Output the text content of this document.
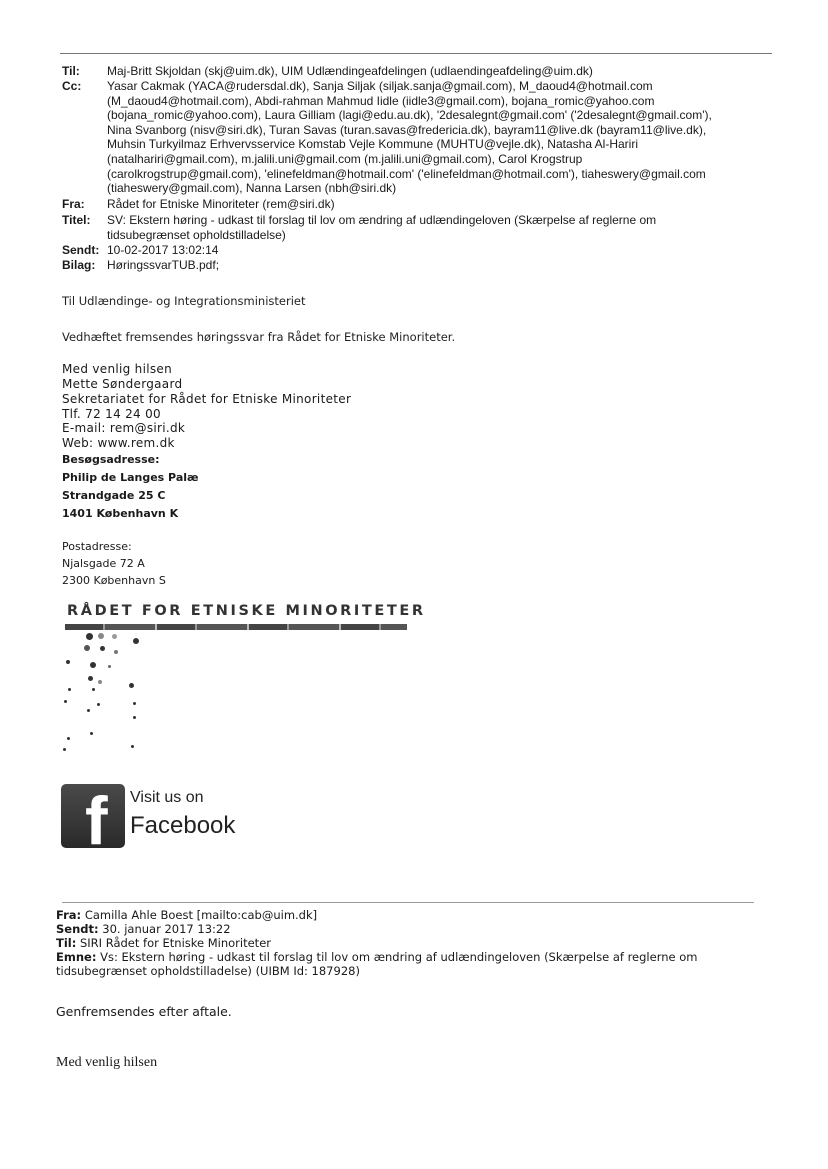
Til:	Maj-Britt Skjoldan (skj@uim.dk), UIM Udlændingeafdelingen (udlaendingeafdeling@uim.dk)
Cc:	Yasar Cakmak (YACA@rudersdal.dk), Sanja Siljak (siljak.sanja@gmail.com), M_daoud4@hotmail.com
(M_daoud4@hotmail.com), Abdi-rahman Mahmud Iidle (iidle3@gmail.com), bojana_romic@yahoo.com
(bojana_romic@yahoo.com), Laura Gilliam (lagi@edu.au.dk), '2desalegnt@gmail.com' ('2desalegnt@gmail.com'),
Nina Svanborg (nisv@siri.dk), Turan Savas (turan.savas@fredericia.dk), bayram11@live.dk (bayram11@live.dk),
Muhsin Turkyilmaz Erhvervsservice Komstab Vejle Kommune (MUHTU@vejle.dk), Natasha Al-Hariri
(natalhariri@gmail.com), m.jalili.uni@gmail.com (m.jalili.uni@gmail.com), Carol Krogstrup
(carolkrogstrup@gmail.com), 'elinefeldman@hotmail.com' ('elinefeldman@hotmail.com'), tiaheswery@gmail.com
(tiaheswery@gmail.com), Nanna Larsen (nbh@siri.dk)
Fra:	Rådet for Etniske Minoriteter (rem@siri.dk)
Titel:	SV: Ekstern høring - udkast til forslag til lov om ændring af udlændingeloven (Skærpelse af reglerne om
tidsubegrænset opholdstilladelse)
Sendt: 10-02-2017 13:02:14
Bilag: HøringssvarTUB.pdf;
Til Udlændinge- og Integrationsministeriet
Vedhæftet fremsendes høringssvar fra Rådet for Etniske Minoriteter.
Med venlig hilsen
Mette Søndergaard
Sekretariatet for Rådet for Etniske Minoriteter
Tlf. 72 14 24 00
E-mail: rem@siri.dk
Web: www.rem.dk
Besøgsadresse:
Philip de Langes Palæ
Strandgade 25 C
1401 København K
Postadresse:
Njalsgade 72 A
2300 København S
RÅDET FOR ETNISKE MINORITETER
f Visit us on
Facebook
Fra: Camilla Ahle Boest [mailto:cab@uim.dk]
Sendt: 30. januar 2017 13:22
Til: SIRI Rådet for Etniske Minoriteter
Emne: Vs: Ekstern høring - udkast til forslag til lov om ændring af udlændingeloven (Skærpelse af reglerne om
tidsubegrænset opholdstilladelse) (UIBM Id: 187928)
Genfremsendes efter aftale.
Med venlig hilsen
